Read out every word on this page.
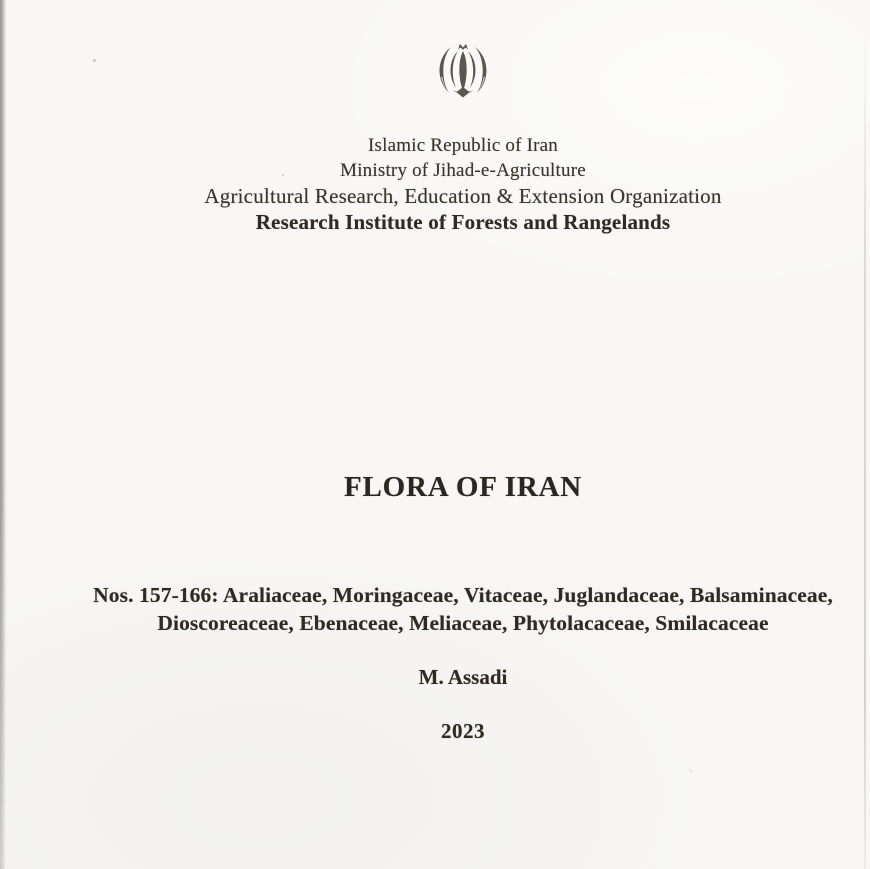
Islamic Republic of Iran
Ministry of Jihad-e-Agriculture
Agricultural Research, Education & Extension Organization
Research Institute of Forests and Rangelands
FLORA OF IRAN
Nos. 157-166: Araliaceae, Moringaceae, Vitaceae, Juglandaceae, Balsaminaceae,
Dioscoreaceae, Ebenaceae, Meliaceae, Phytolacaceae, Smilacaceae
M. Assadi
2023
